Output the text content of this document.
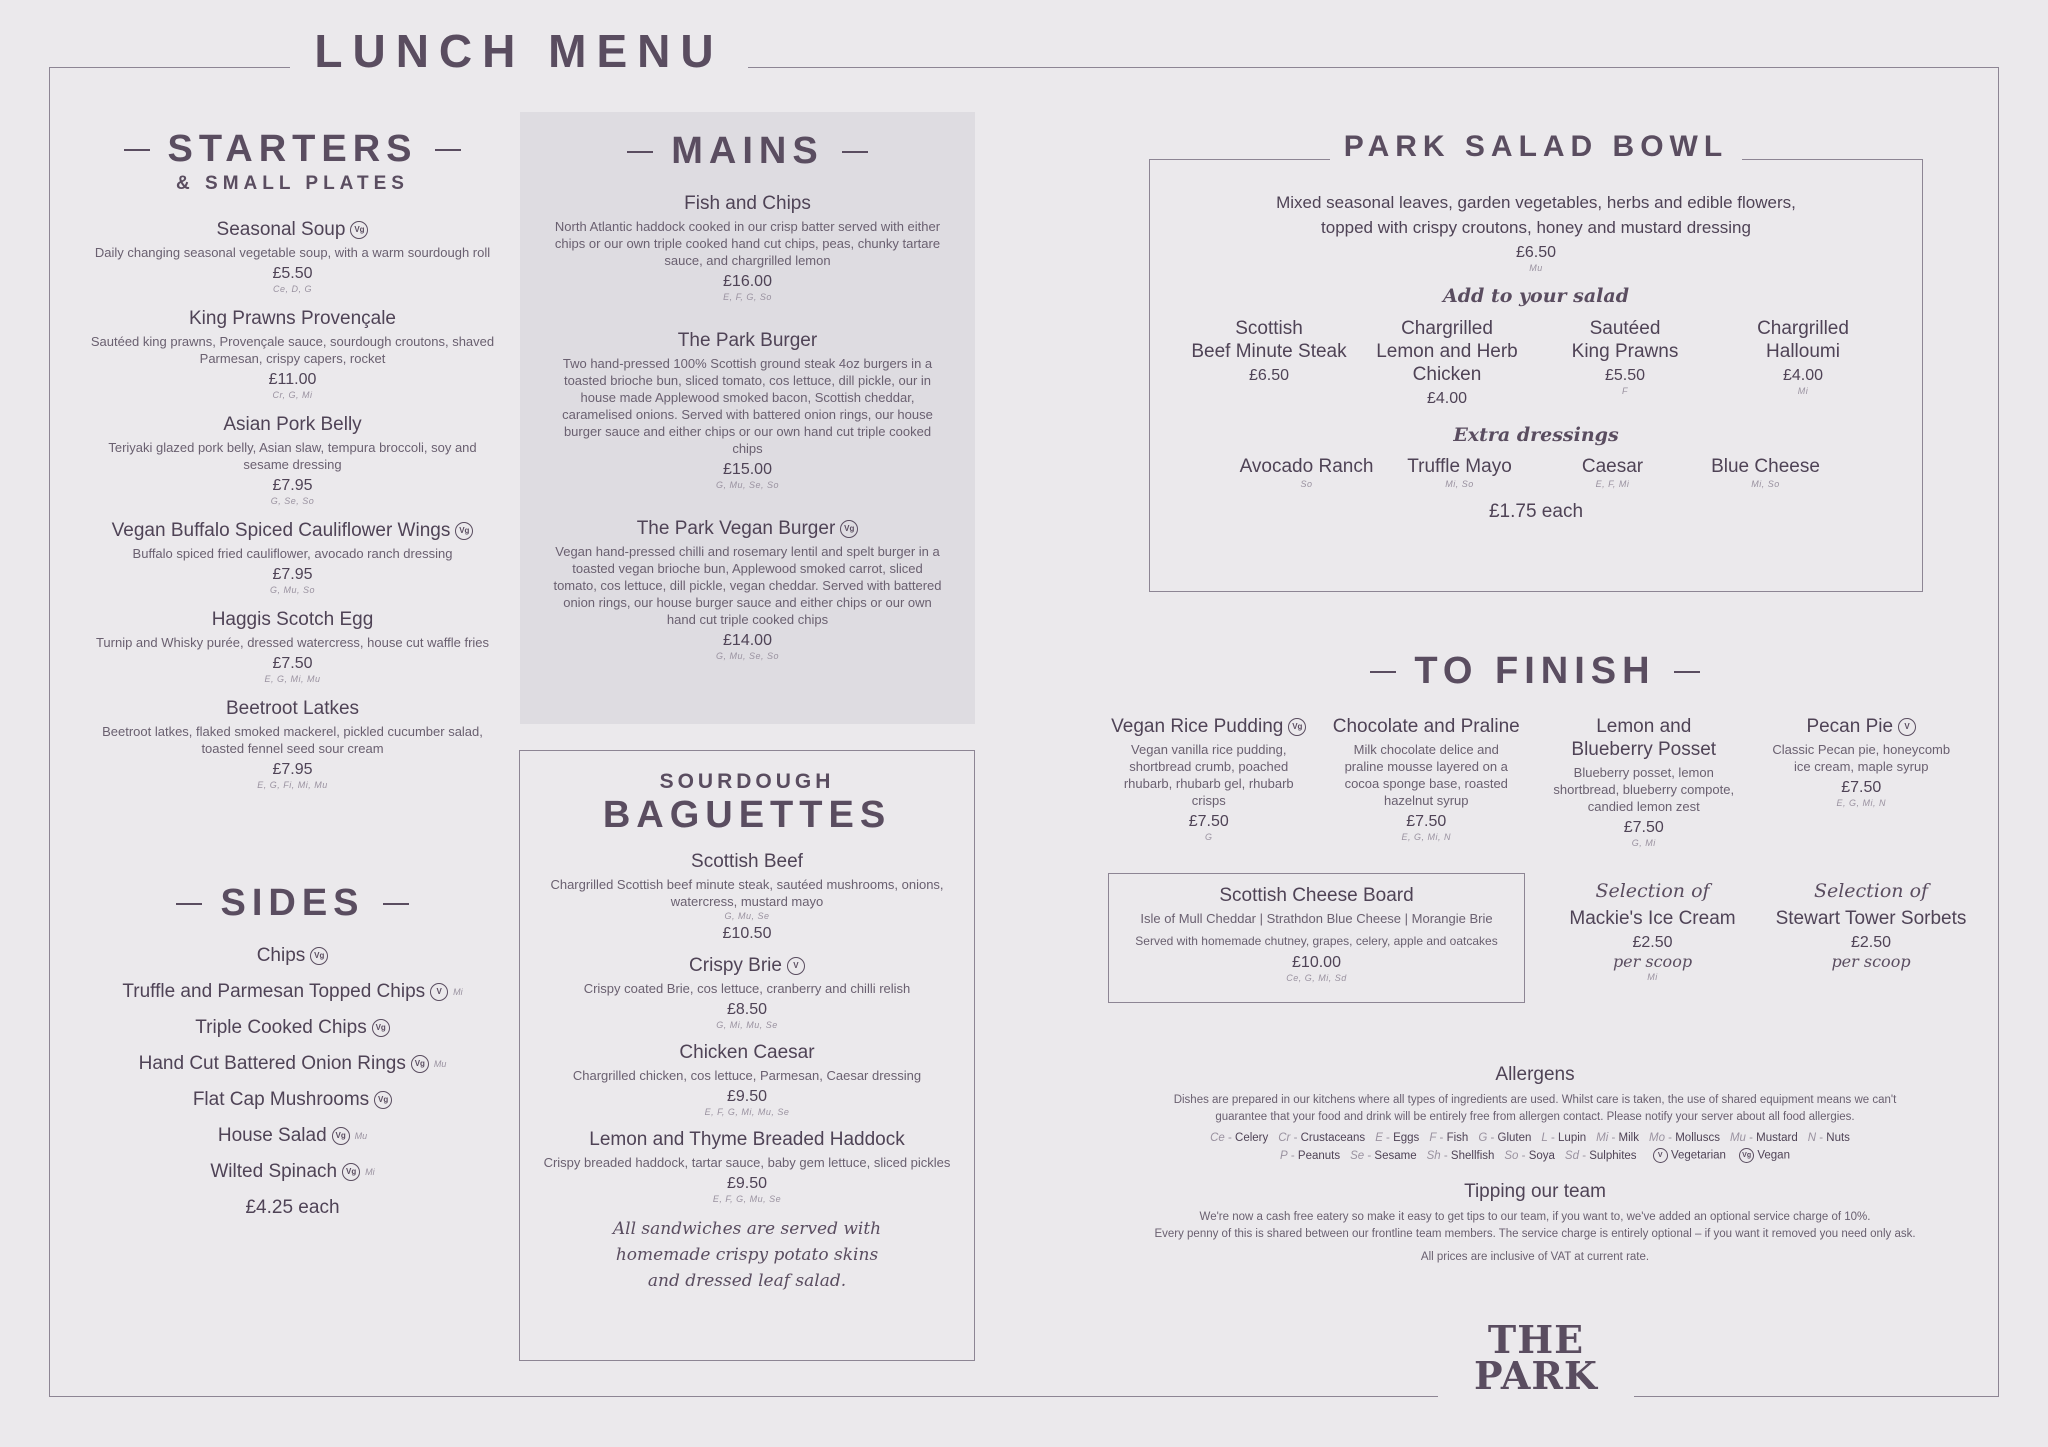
LUNCH MENU
STARTERS
& SMALL PLATES
Seasonal Soup Vg
Daily changing seasonal vegetable soup, with a warm sourdough roll
£5.50
Ce, D, G
King Prawns Provençale
Sautéed king prawns, Provençale sauce, sourdough croutons, shaved Parmesan, crispy capers, rocket
£11.00
Cr, G, Mi
Asian Pork Belly
Teriyaki glazed pork belly, Asian slaw, tempura broccoli, soy and sesame dressing
£7.95
G, Se, So
Vegan Buffalo Spiced Cauliflower Wings Vg
Buffalo spiced fried cauliflower, avocado ranch dressing
£7.95
G, Mu, So
Haggis Scotch Egg
Turnip and Whisky purée, dressed watercress, house cut waffle fries
£7.50
E, G, Mi, Mu
Beetroot Latkes
Beetroot latkes, flaked smoked mackerel, pickled cucumber salad, toasted fennel seed sour cream
£7.95
E, G, Fi, Mi, Mu
SIDES
Chips Vg
Truffle and Parmesan Topped Chips V Mi
Triple Cooked Chips Vg
Hand Cut Battered Onion Rings Vg Mu
Flat Cap Mushrooms Vg
House Salad Vg Mu
Wilted Spinach Vg Mi
£4.25 each
MAINS
Fish and Chips
North Atlantic haddock cooked in our crisp batter served with either chips or our own triple cooked hand cut chips, peas, chunky tartare sauce, and chargrilled lemon
£16.00
E, F, G, So
The Park Burger
Two hand-pressed 100% Scottish ground steak 4oz burgers in a toasted brioche bun, sliced tomato, cos lettuce, dill pickle, our in house made Applewood smoked bacon, Scottish cheddar, caramelised onions. Served with battered onion rings, our house burger sauce and either chips or our own hand cut triple cooked chips
£15.00
G, Mu, Se, So
The Park Vegan Burger Vg
Vegan hand-pressed chilli and rosemary lentil and spelt burger in a toasted vegan brioche bun, Applewood smoked carrot, sliced tomato, cos lettuce, dill pickle, vegan cheddar. Served with battered onion rings, our house burger sauce and either chips or our own hand cut triple cooked chips
£14.00
G, Mu, Se, So
SOURDOUGH
BAGUETTES
Scottish Beef
Chargrilled Scottish beef minute steak, sautéed mushrooms, onions, watercress, mustard mayo
G, Mu, Se
£10.50
Crispy Brie V
Crispy coated Brie, cos lettuce, cranberry and chilli relish
£8.50
G, Mi, Mu, Se
Chicken Caesar
Chargrilled chicken, cos lettuce, Parmesan, Caesar dressing
£9.50
E, F, G, Mi, Mu, Se
Lemon and Thyme Breaded Haddock
Crispy breaded haddock, tartar sauce, baby gem lettuce, sliced pickles
£9.50
E, F, G, Mu, Se
All sandwiches are served with
homemade crispy potato skins
and dressed leaf salad.
PARK SALAD BOWL
Mixed seasonal leaves, garden vegetables, herbs and edible flowers,
topped with crispy croutons, honey and mustard dressing
£6.50
Mu
Add to your salad
Scottish
Beef Minute Steak
£6.50
Chargrilled
Lemon and Herb
Chicken
£4.00
Sautéed
King Prawns
£5.50
F
Chargrilled
Halloumi
£4.00
Mi
Extra dressings
Avocado Ranch
So
Truffle Mayo
Mi, So
Caesar
E, F, Mi
Blue Cheese
Mi, So
£1.75 each
TO FINISH
Vegan Rice Pudding Vg
Vegan vanilla rice pudding, shortbread crumb, poached rhubarb, rhubarb gel, rhubarb crisps
£7.50
G
Chocolate and Praline
Milk chocolate delice and praline mousse layered on a cocoa sponge base, roasted hazelnut syrup
£7.50
E, G, Mi, N
Lemon and
Blueberry Posset
Blueberry posset, lemon shortbread, blueberry compote, candied lemon zest
£7.50
G, Mi
Pecan Pie V
Classic Pecan pie, honeycomb ice cream, maple syrup
£7.50
E, G, Mi, N
Scottish Cheese Board
Isle of Mull Cheddar | Strathdon Blue Cheese | Morangie Brie
Served with homemade chutney, grapes, celery, apple and oatcakes
£10.00
Ce, G, Mi, Sd
Selection of
Mackie's Ice Cream
£2.50
per scoop
Mi
Selection of
Stewart Tower Sorbets
£2.50
per scoop
Allergens
Dishes are prepared in our kitchens where all types of ingredients are used. Whilst care is taken, the use of shared equipment means we can't
guarantee that your food and drink will be entirely free from allergen contact. Please notify your server about all food allergies.
Ce - Celery Cr - Crustaceans E - Eggs F - Fish G - Gluten L - Lupin Mi - Milk Mo - Molluscs Mu - Mustard N - Nuts
P - Peanuts Se - Sesame Sh - Shellfish So - Soya Sd - Sulphites	V Vegetarian Vg Vegan
Tipping our team
We're now a cash free eatery so make it easy to get tips to our team, if you want to, we've added an optional service charge of 10%.
Every penny of this is shared between our frontline team members. The service charge is entirely optional – if you want it removed you need only ask.
All prices are inclusive of VAT at current rate.
THE
PARK
